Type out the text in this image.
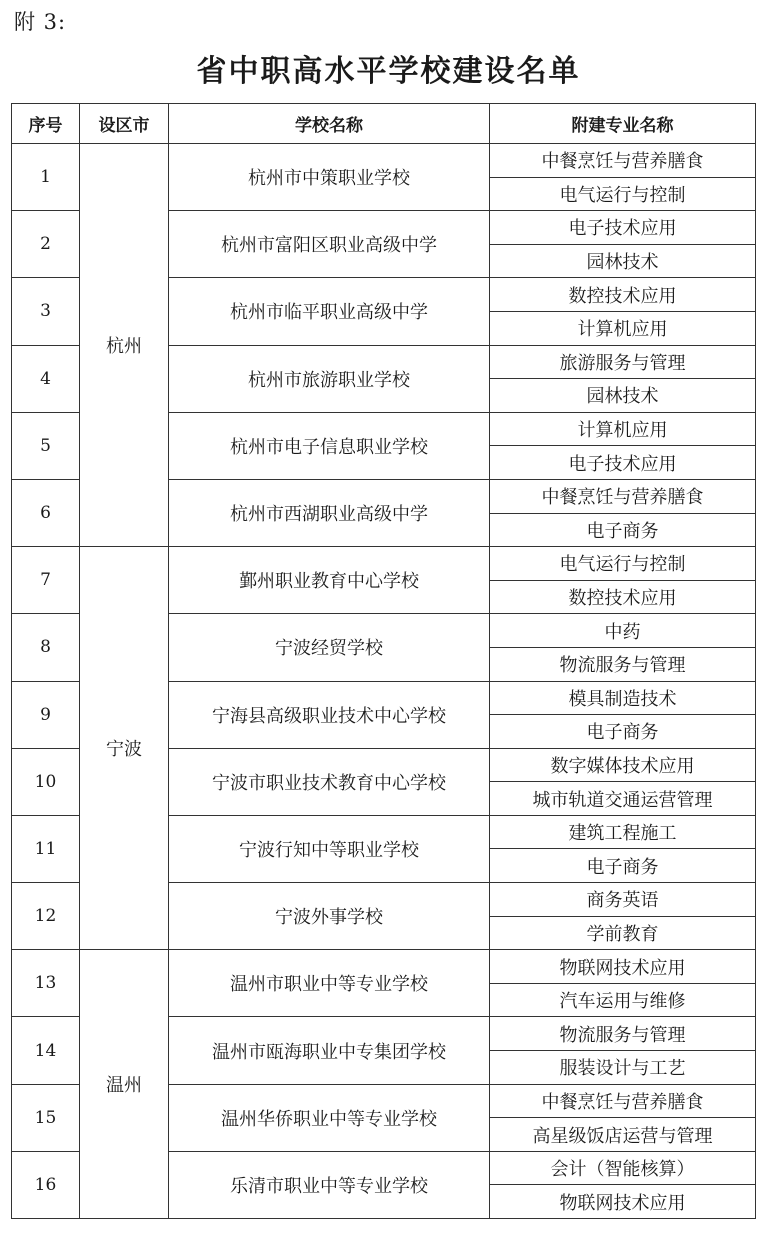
附 3:
省中职高水平学校建设名单
序号	设区市	学校名称	附建专业名称
1	杭州	杭州市中策职业学校	中餐烹饪与营养膳食
			电气运行与控制
2		杭州市富阳区职业高级中学	电子技术应用
			园林技术
3		杭州市临平职业高级中学	数控技术应用
			计算机应用
4		杭州市旅游职业学校	旅游服务与管理
			园林技术
5		杭州市电子信息职业学校	计算机应用
			电子技术应用
6		杭州市西湖职业高级中学	中餐烹饪与营养膳食
			电子商务
7	宁波	鄞州职业教育中心学校	电气运行与控制
			数控技术应用
8		宁波经贸学校	中药
			物流服务与管理
9		宁海县高级职业技术中心学校	模具制造技术
			电子商务
10		宁波市职业技术教育中心学校	数字媒体技术应用
			城市轨道交通运营管理
11		宁波行知中等职业学校	建筑工程施工
			电子商务
12		宁波外事学校	商务英语
			学前教育
13	温州	温州市职业中等专业学校	物联网技术应用
			汽车运用与维修
14		温州市瓯海职业中专集团学校	物流服务与管理
			服装设计与工艺
15		温州华侨职业中等专业学校	中餐烹饪与营养膳食
			高星级饭店运营与管理
16		乐清市职业中等专业学校	会计（智能核算）
			物联网技术应用
